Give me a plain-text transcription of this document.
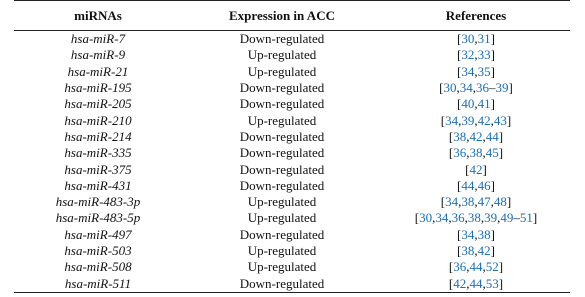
miRNAs	Expression in ACC	References
hsa-miR-7	Down-regulated	[30,31]
hsa-miR-9	Up-regulated	[32,33]
hsa-miR-21	Up-regulated	[34,35]
hsa-miR-195	Down-regulated	[30,34,36–39]
hsa-miR-205	Down-regulated	[40,41]
hsa-miR-210	Up-regulated	[34,39,42,43]
hsa-miR-214	Down-regulated	[38,42,44]
hsa-miR-335	Down-regulated	[36,38,45]
hsa-miR-375	Down-regulated	[42]
hsa-miR-431	Down-regulated	[44,46]
hsa-miR-483-3p	Up-regulated	[34,38,47,48]
hsa-miR-483-5p	Up-regulated	[30,34,36,38,39,49–51]
hsa-miR-497	Down-regulated	[34,38]
hsa-miR-503	Up-regulated	[38,42]
hsa-miR-508	Up-regulated	[36,44,52]
hsa-miR-511	Down-regulated	[42,44,53]
